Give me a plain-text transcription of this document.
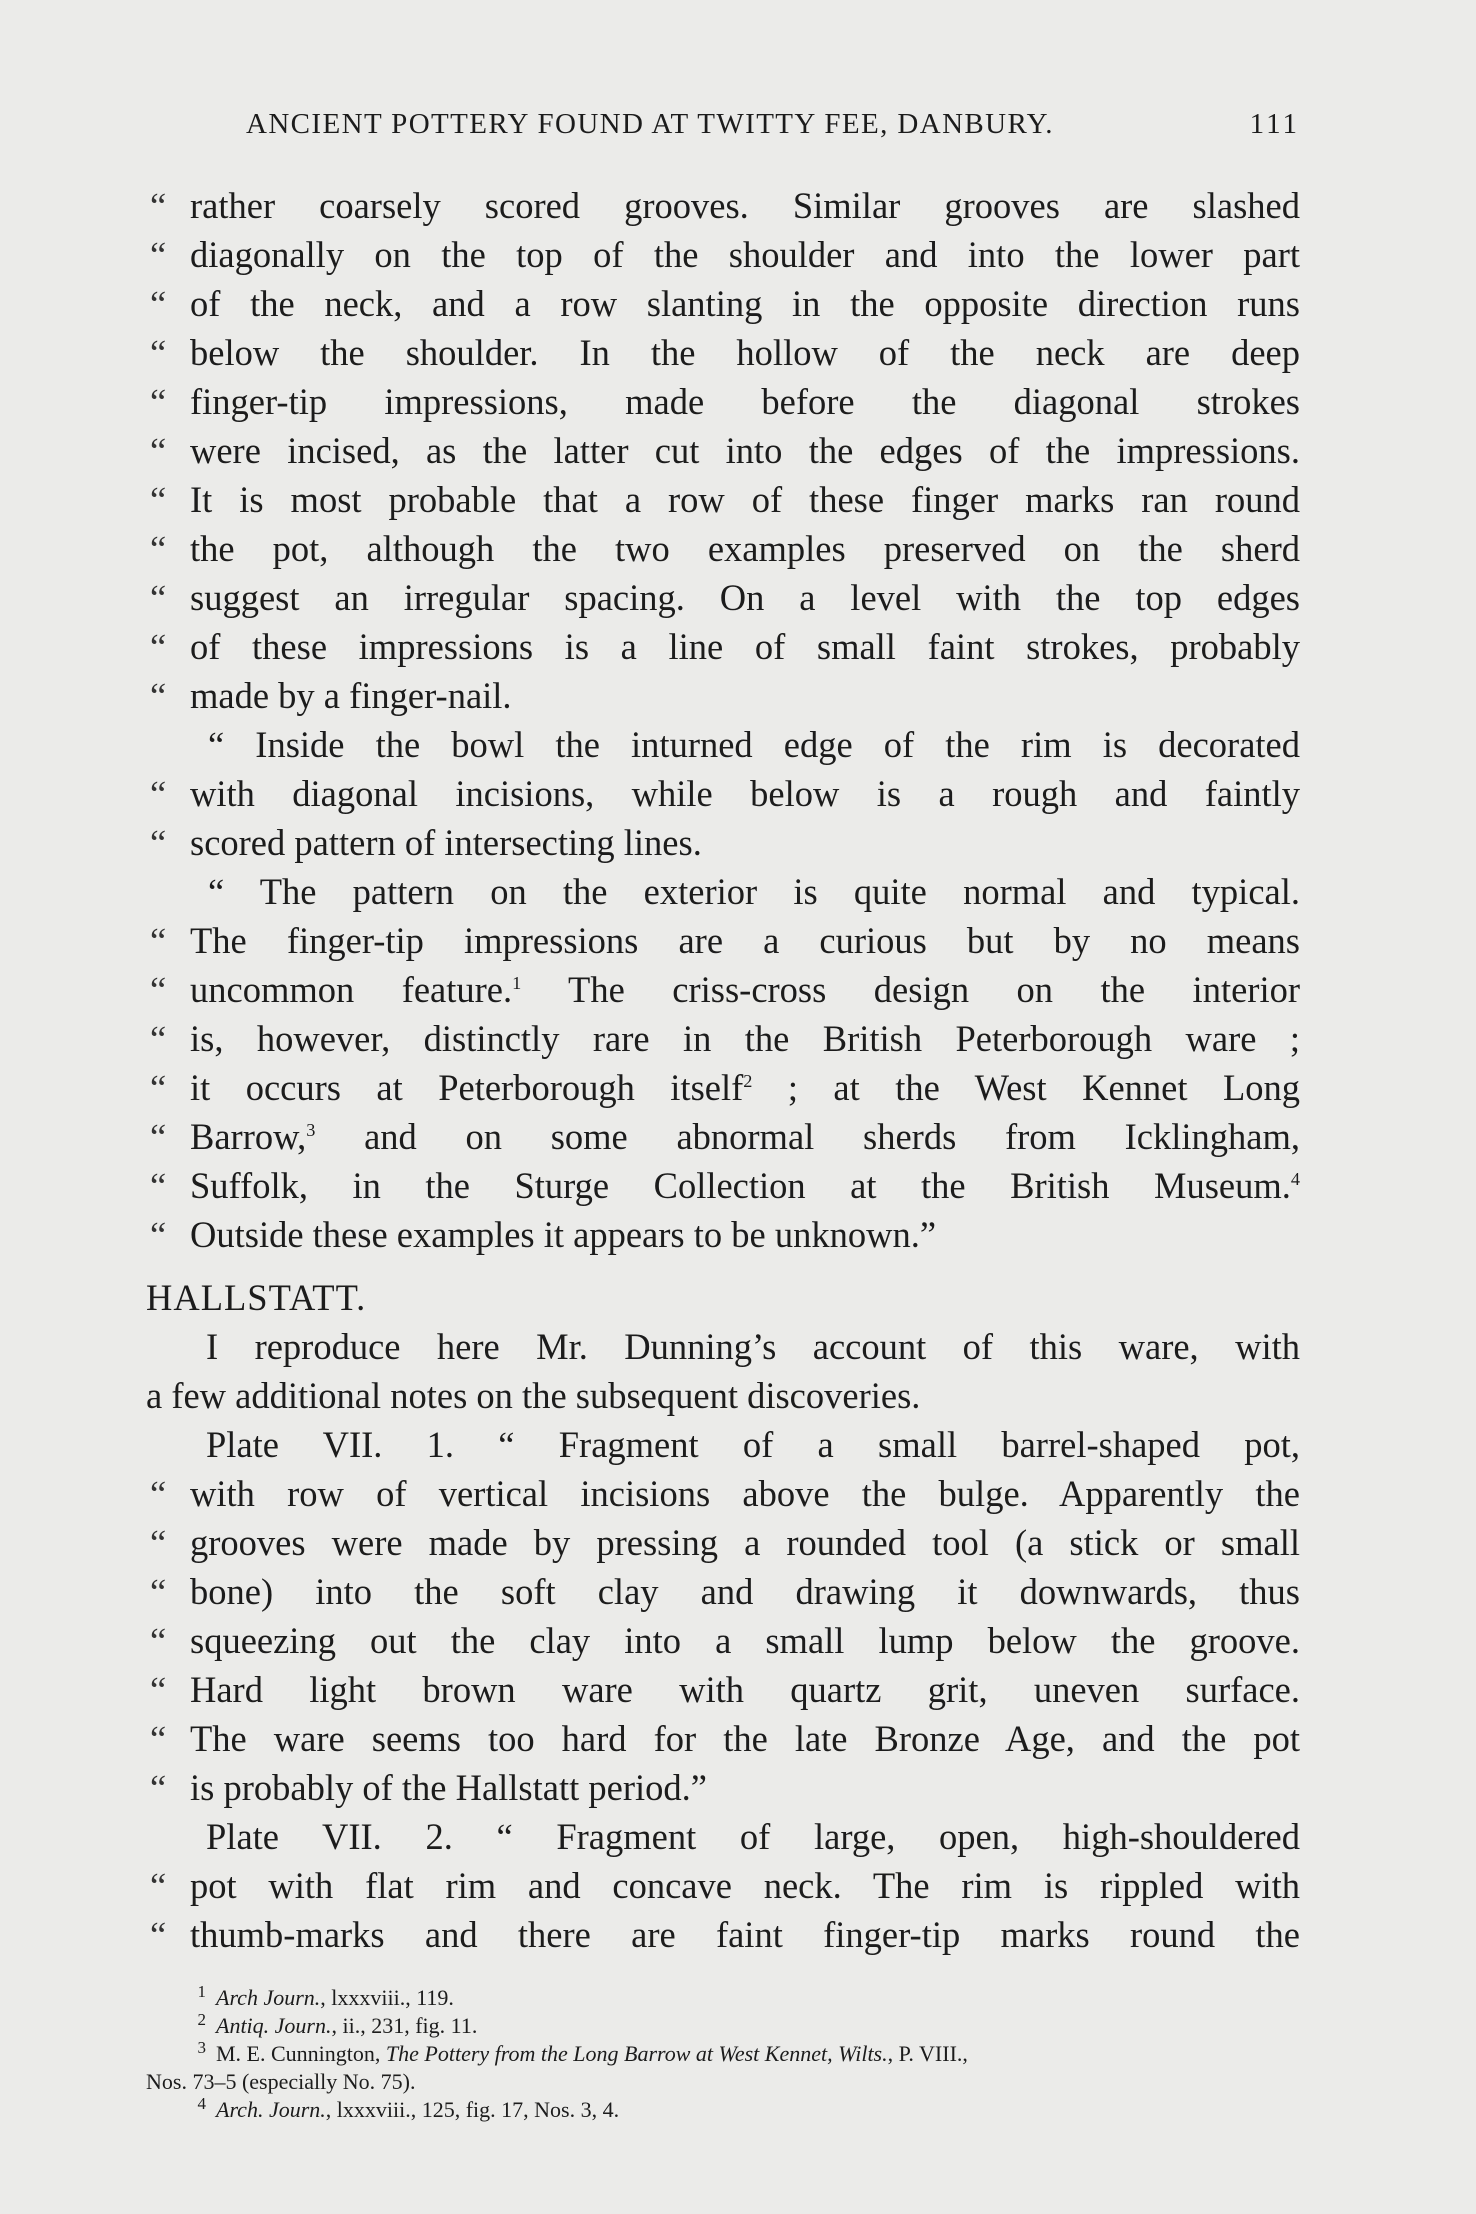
ANCIENT POTTERY FOUND AT TWITTY FEE, DANBURY.	111
“ rather coarsely scored grooves. Similar grooves are slashed
“ diagonally on the top of the shoulder and into the lower part
“ of the neck, and a row slanting in the opposite direction runs
“ below the shoulder. In the hollow of the neck are deep
“ finger-tip impressions, made before the diagonal strokes
“ were incised, as the latter cut into the edges of the impressions.
“ It is most probable that a row of these finger marks ran round
“ the pot, although the two examples preserved on the sherd
“ suggest an irregular spacing. On a level with the top edges
“ of these impressions is a line of small faint strokes, probably
“ made by a finger-nail.
“ Inside the bowl the inturned edge of the rim is decorated
“ with diagonal incisions, while below is a rough and faintly
“ scored pattern of intersecting lines.
“ The pattern on the exterior is quite normal and typical.
“ The finger-tip impressions are a curious but by no means
“ uncommon feature.$^1$ The criss-cross design on the interior
“ is, however, distinctly rare in the British Peterborough ware ;
“ it occurs at Peterborough itself$^2$ ; at the West Kennet Long
“ Barrow,$^3$ and on some abnormal sherds from Icklingham,
“ Suffolk, in the Sturge Collection at the British Museum.$^4$
“ Outside these examples it appears to be unknown.”
HALLSTATT.
I reproduce here Mr. Dunning’s account of this ware, with
a few additional notes on the subsequent discoveries.
Plate VII. 1. “ Fragment of a small barrel-shaped pot,
“ with row of vertical incisions above the bulge. Apparently the
“ grooves were made by pressing a rounded tool (a stick or small
“ bone) into the soft clay and drawing it downwards, thus
“ squeezing out the clay into a small lump below the groove.
“ Hard light brown ware with quartz grit, uneven surface.
“ The ware seems too hard for the late Bronze Age, and the pot
“ is probably of the Hallstatt period.”
Plate VII. 2. “ Fragment of large, open, high-shouldered
“ pot with flat rim and concave neck. The rim is rippled with
“ thumb-marks and there are faint finger-tip marks round the
1 Arch Journ., lxxxviii., 119.
2 Antiq. Journ., ii., 231, fig. 11.
3 M. E. Cunnington, The Pottery from the Long Barrow at West Kennet, Wilts., P. VIII.,
Nos. 73–5 (especially No. 75).
4 Arch. Journ., lxxxviii., 125, fig. 17, Nos. 3, 4.
